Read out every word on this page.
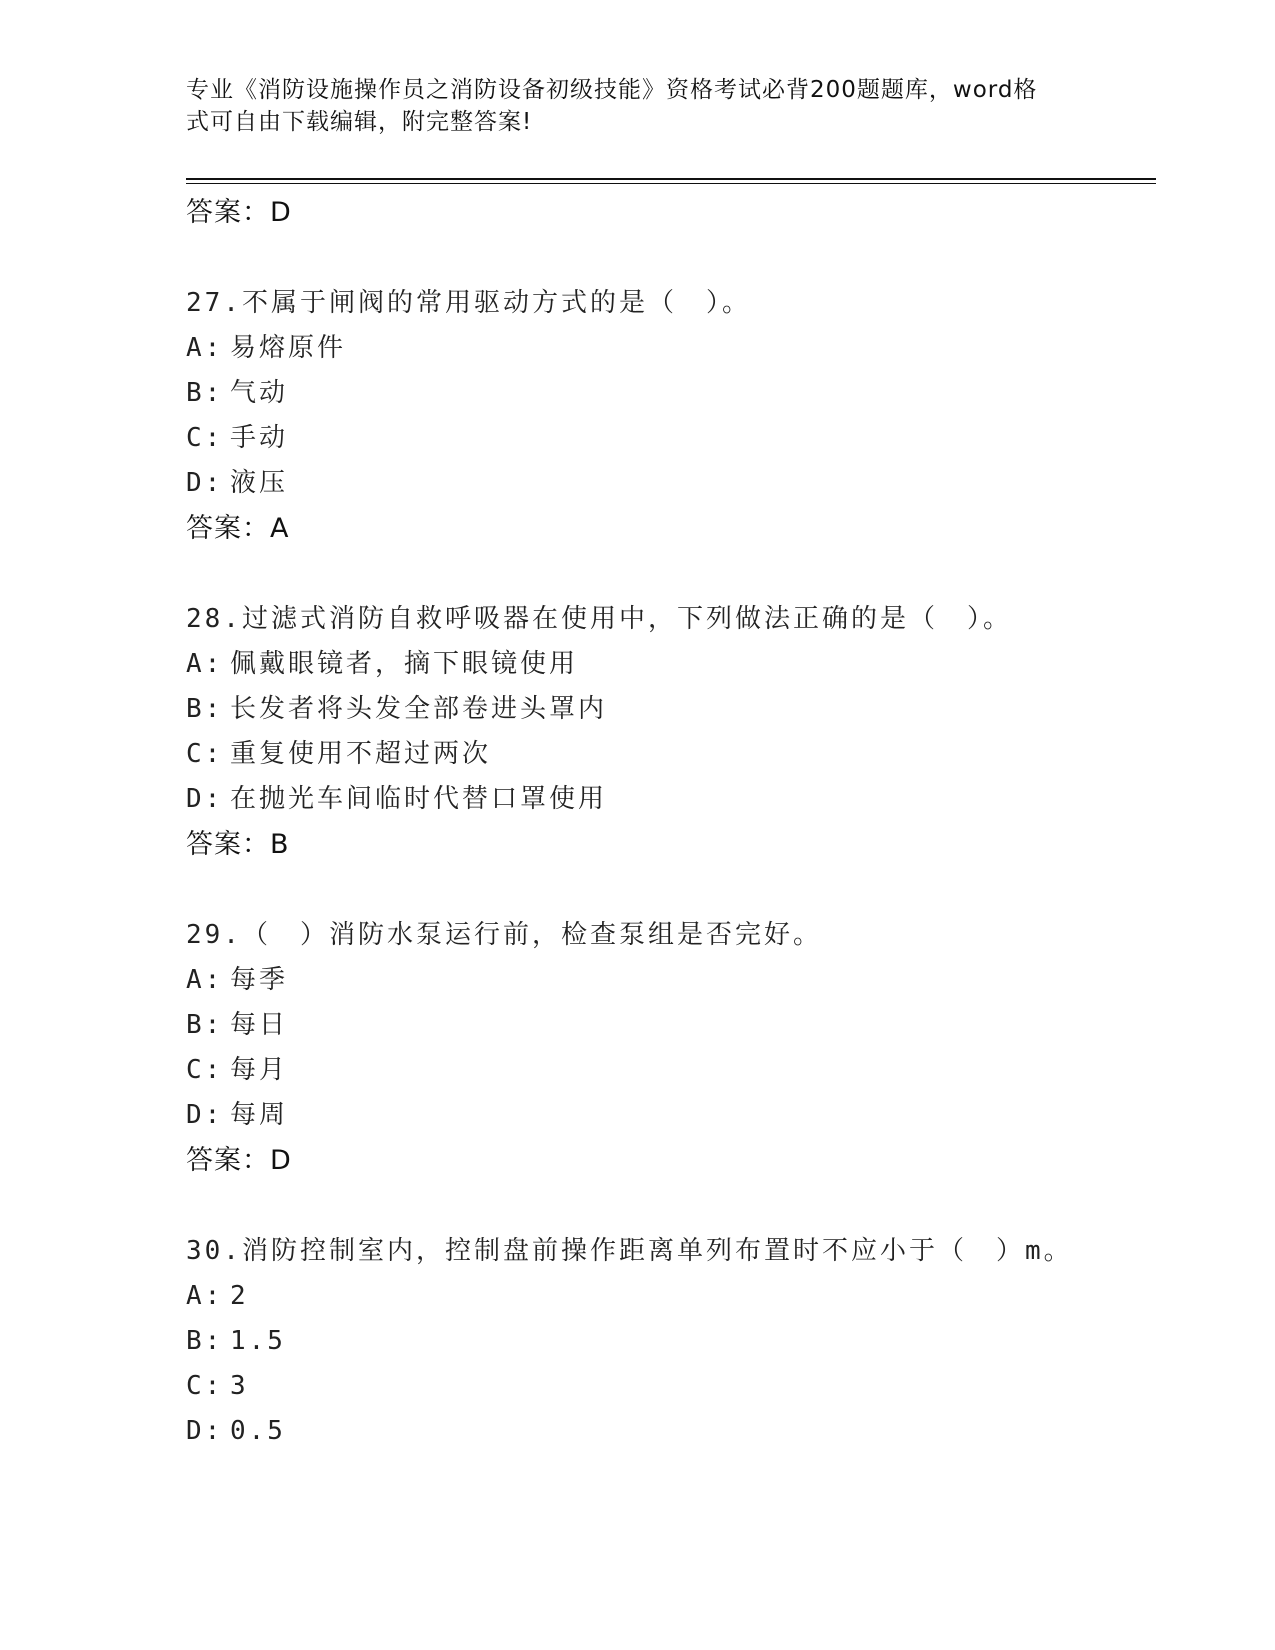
专业《消防设施操作员之消防设备初级技能》资格考试必背200题题库，word格
式可自由下载编辑，附完整答案!
答案：D
27.不属于闸阀的常用驱动方式的是（　）。
A: 易熔原件
B: 气动
C: 手动
D: 液压
答案：A
28.过滤式消防自救呼吸器在使用中，下列做法正确的是（　）。
A: 佩戴眼镜者，摘下眼镜使用
B: 长发者将头发全部卷进头罩内
C: 重复使用不超过两次
D: 在抛光车间临时代替口罩使用
答案：B
29.（　）消防水泵运行前，检查泵组是否完好。
A: 每季
B: 每日
C: 每月
D: 每周
答案：D
30.消防控制室内，控制盘前操作距离单列布置时不应小于（　）m。
A: 2
B: 1.5
C: 3
D: 0.5
